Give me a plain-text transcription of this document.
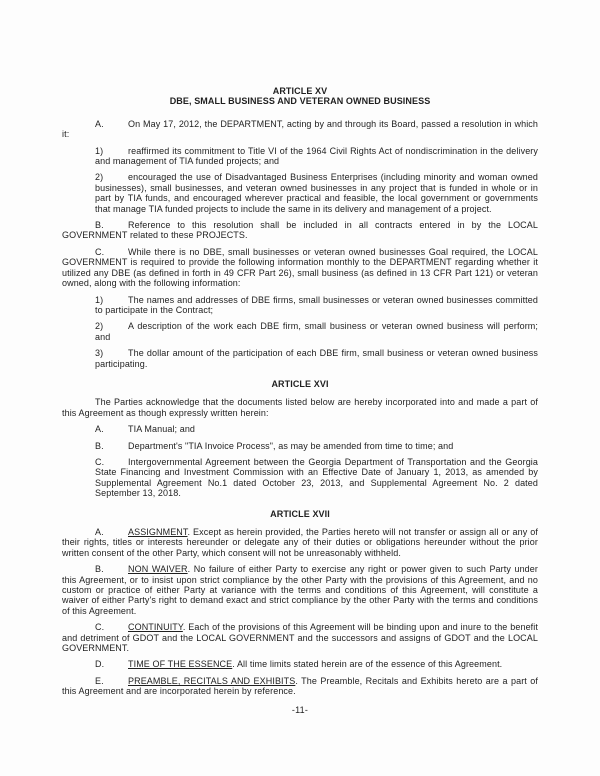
ARTICLE XV
DBE, SMALL BUSINESS AND VETERAN OWNED BUSINESS

A.	On May 17, 2012, the DEPARTMENT, acting by and through its Board, passed a resolution in which it:

1)	reaffirmed its commitment to Title VI of the 1964 Civil Rights Act of nondiscrimination in the delivery and management of TIA funded projects; and

2)	encouraged the use of Disadvantaged Business Enterprises (including minority and woman owned businesses), small businesses, and veteran owned businesses in any project that is funded in whole or in part by TIA funds, and encouraged wherever practical and feasible, the local government or governments that manage TIA funded projects to include the same in its delivery and management of a project.

B.	Reference to this resolution shall be included in all contracts entered in by the LOCAL GOVERNMENT related to these PROJECTS.

C.	While there is no DBE, small businesses or veteran owned businesses Goal required, the LOCAL GOVERNMENT is required to provide the following information monthly to the DEPARTMENT regarding whether it utilized any DBE (as defined in forth in 49 CFR Part 26), small business (as defined in 13 CFR Part 121) or veteran owned, along with the following information:

1)	The names and addresses of DBE firms, small businesses or veteran owned businesses committed to participate in the Contract;

2)	A description of the work each DBE firm, small business or veteran owned business will perform; and

3)	The dollar amount of the participation of each DBE firm, small business or veteran owned business participating.

ARTICLE XVI

The Parties acknowledge that the documents listed below are hereby incorporated into and made a part of this Agreement as though expressly written herein:

A.	TIA Manual; and

B.	Department's "TIA Invoice Process", as may be amended from time to time; and

C.	Intergovernmental Agreement between the Georgia Department of Transportation and the Georgia State Financing and Investment Commission with an Effective Date of January 1, 2013, as amended by Supplemental Agreement No.1 dated October 23, 2013, and Supplemental Agreement No. 2 dated September 13, 2018.

ARTICLE XVII

A.	ASSIGNMENT. Except as herein provided, the Parties hereto will not transfer or assign all or any of their rights, titles or interests hereunder or delegate any of their duties or obligations hereunder without the prior written consent of the other Party, which consent will not be unreasonably withheld.

B.	NON WAIVER. No failure of either Party to exercise any right or power given to such Party under this Agreement, or to insist upon strict compliance by the other Party with the provisions of this Agreement, and no custom or practice of either Party at variance with the terms and conditions of this Agreement, will constitute a waiver of either Party's right to demand exact and strict compliance by the other Party with the terms and conditions of this Agreement.

C.	CONTINUITY. Each of the provisions of this Agreement will be binding upon and inure to the benefit and detriment of GDOT and the LOCAL GOVERNMENT and the successors and assigns of GDOT and the LOCAL GOVERNMENT.

D.	TIME OF THE ESSENCE. All time limits stated herein are of the essence of this Agreement.

E.	PREAMBLE, RECITALS AND EXHIBITS. The Preamble, Recitals and Exhibits hereto are a part of this Agreement and are incorporated herein by reference.

-11-
